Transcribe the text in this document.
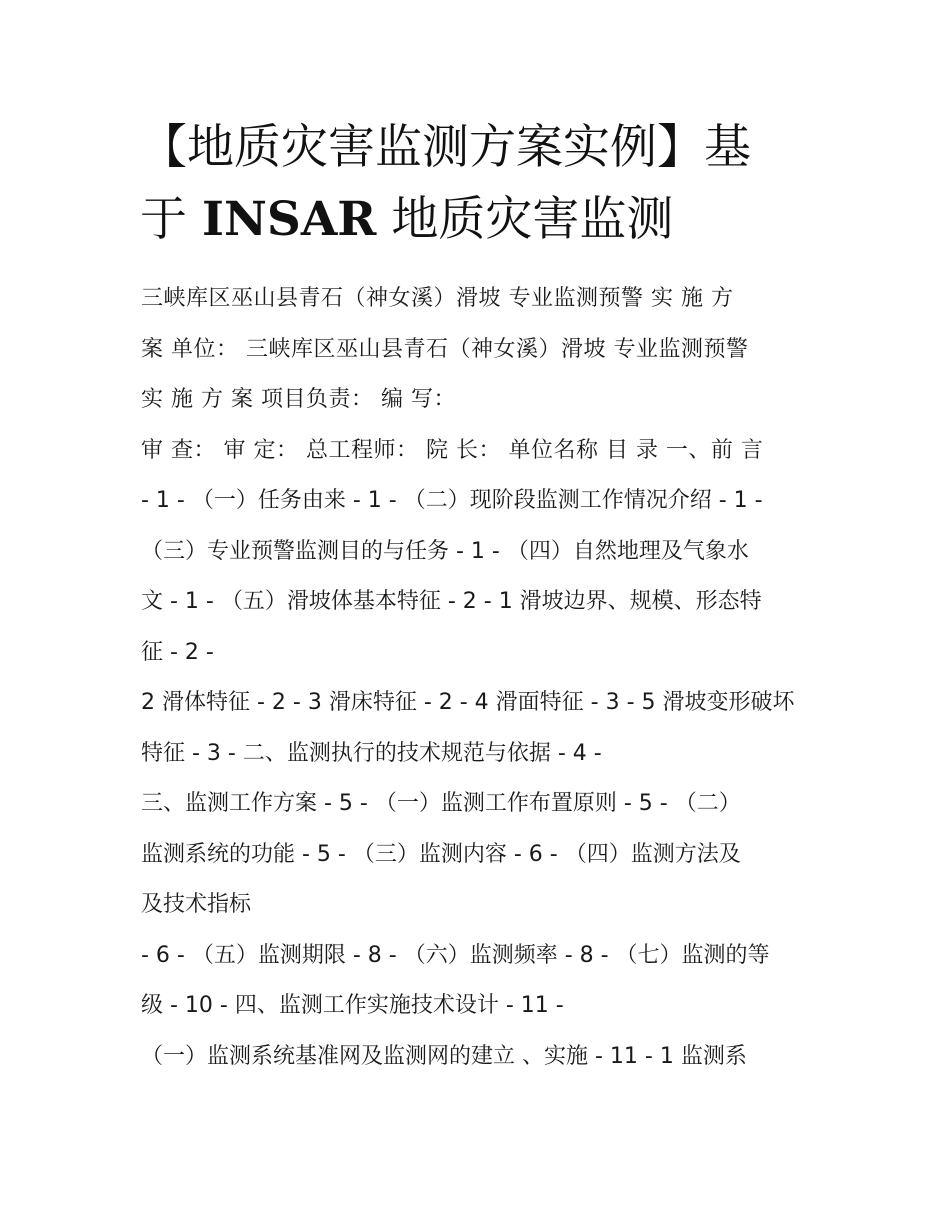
【地质灾害监测方案实例】基
于 INSAR 地质灾害监测
三峡库区巫山县青石（神女溪）滑坡 专业监测预警 实 施 方
案 单位： 三峡库区巫山县青石（神女溪）滑坡 专业监测预警
实 施 方 案 项目负责： 编 写：
审 查： 审 定： 总工程师： 院 长： 单位名称 目 录 一、前 言
- 1 - （一）任务由来 - 1 - （二）现阶段监测工作情况介绍 - 1 -
（三）专业预警监测目的与任务 - 1 - （四）自然地理及气象水
文 - 1 - （五）滑坡体基本特征 - 2 - 1 滑坡边界、规模、形态特
征 - 2 -
2 滑体特征 - 2 - 3 滑床特征 - 2 - 4 滑面特征 - 3 - 5 滑坡变形破坏
特征 - 3 - 二、监测执行的技术规范与依据 - 4 -
三、监测工作方案 - 5 - （一）监测工作布置原则 - 5 - （二）
监测系统的功能 - 5 - （三）监测内容 - 6 - （四）监测方法及
及技术指标
- 6 - （五）监测期限 - 8 - （六）监测频率 - 8 - （七）监测的等
级 - 10 - 四、监测工作实施技术设计 - 11 -
（一）监测系统基准网及监测网的建立 、实施 - 11 - 1 监测系
